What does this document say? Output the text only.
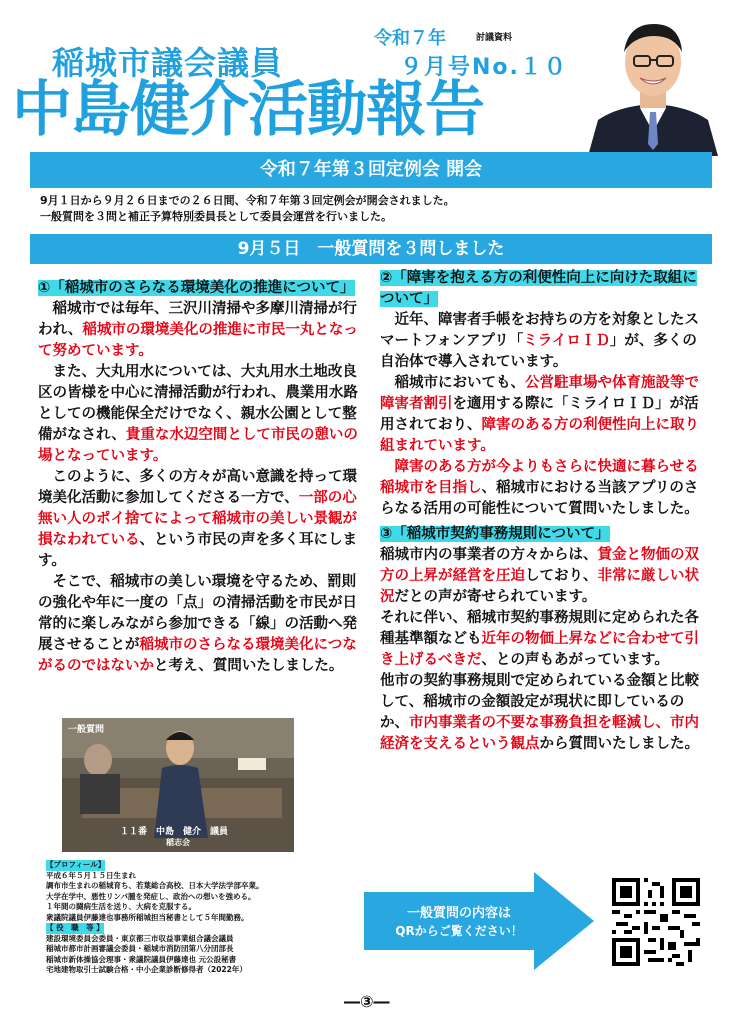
稲城市議会議員
令和７年	討議資料
９月号No.１０
中島健介活動報告
令和７年第３回定例会 開会
9月１日から９月２６日までの２６日間、令和７年第３回定例会が開会されました。
一般質問を３問と補正予算特別委員長として委員会運営を行いました。
9月５日　一般質問を３問しました

①「稲城市のさらなる環境美化の推進について」

　稲城市では毎年、三沢川清掃や多摩川清掃が行われ、稲城市の環境美化の推進に市民一丸となって努めています。

　また、大丸用水については、大丸用水土地改良区の皆様を中心に清掃活動が行われ、農業用水路としての機能保全だけでなく、親水公園として整備がなされ、貴重な水辺空間として市民の憩いの場となっています。

　このように、多くの方々が高い意識を持って環境美化活動に参加してくださる一方で、一部の心無い人のポイ捨てによって稲城市の美しい景観が損なわれている、という市民の声を多く耳にします。

　そこで、稲城市の美しい環境を守るため、罰則の強化や年に一度の「点」の清掃活動を市民が日常的に楽しみながら参加できる「線」の活動へ発展させることが稲城市のさらなる環境美化につながるのではないかと考え、質問いたしました。

一般質問
１１番　中島　健介　議員
稲志会
【プロフィール】
平成６年５月１５日生まれ
調布市生まれの稲城育ち、若葉総合高校、日本大学法学部卒業。
大学在学中、悪性リンパ腫を発症し、政治への想いを強める。
１年間の闘病生活を送り、大病を克服する。
衆議院議員伊藤達也事務所稲城担当秘書として５年間勤務。
【 役　職　等 】
建設環境委員会委員・東京都三市収益事業組合議会議員
稲城市都市計画審議会委員・稲城市消防団第八分団部長
稲城市新体操協会理事・衆議院議員伊藤達也 元公設秘書
宅地建物取引士試験合格・中小企業診断修得者（2022年）

②「障害を抱える方の利便性向上に向けた取組について」

　近年、障害者手帳をお持ちの方を対象としたスマートフォンアプリ「ミライロＩＤ」が、多くの自治体で導入されています。

　稲城市においても、公営駐車場や体育施設等で障害者割引を適用する際に「ミライロＩＤ」が活用されており、障害のある方の利便性向上に取り組まれています。

　障害のある方が今よりもさらに快適に暮らせる稲城市を目指し、稲城市における当該アプリのさらなる活用の可能性について質問いたしました。

③「稲城市契約事務規則について」

稲城市内の事業者の方々からは、賃金と物価の双方の上昇が経営を圧迫しており、非常に厳しい状況だとの声が寄せられています。

それに伴い、稲城市契約事務規則に定められた各種基準額なども近年の物価上昇などに合わせて引き上げるべきだ、との声もあがっています。

他市の契約事務規則で定められている金額と比較して、稲城市の金額設定が現状に即しているのか、市内事業者の不要な事務負担を軽減し、市内経済を支えるという観点から質問いたしました。

一般質問の内容は
QRからご覧ください！
―③―
